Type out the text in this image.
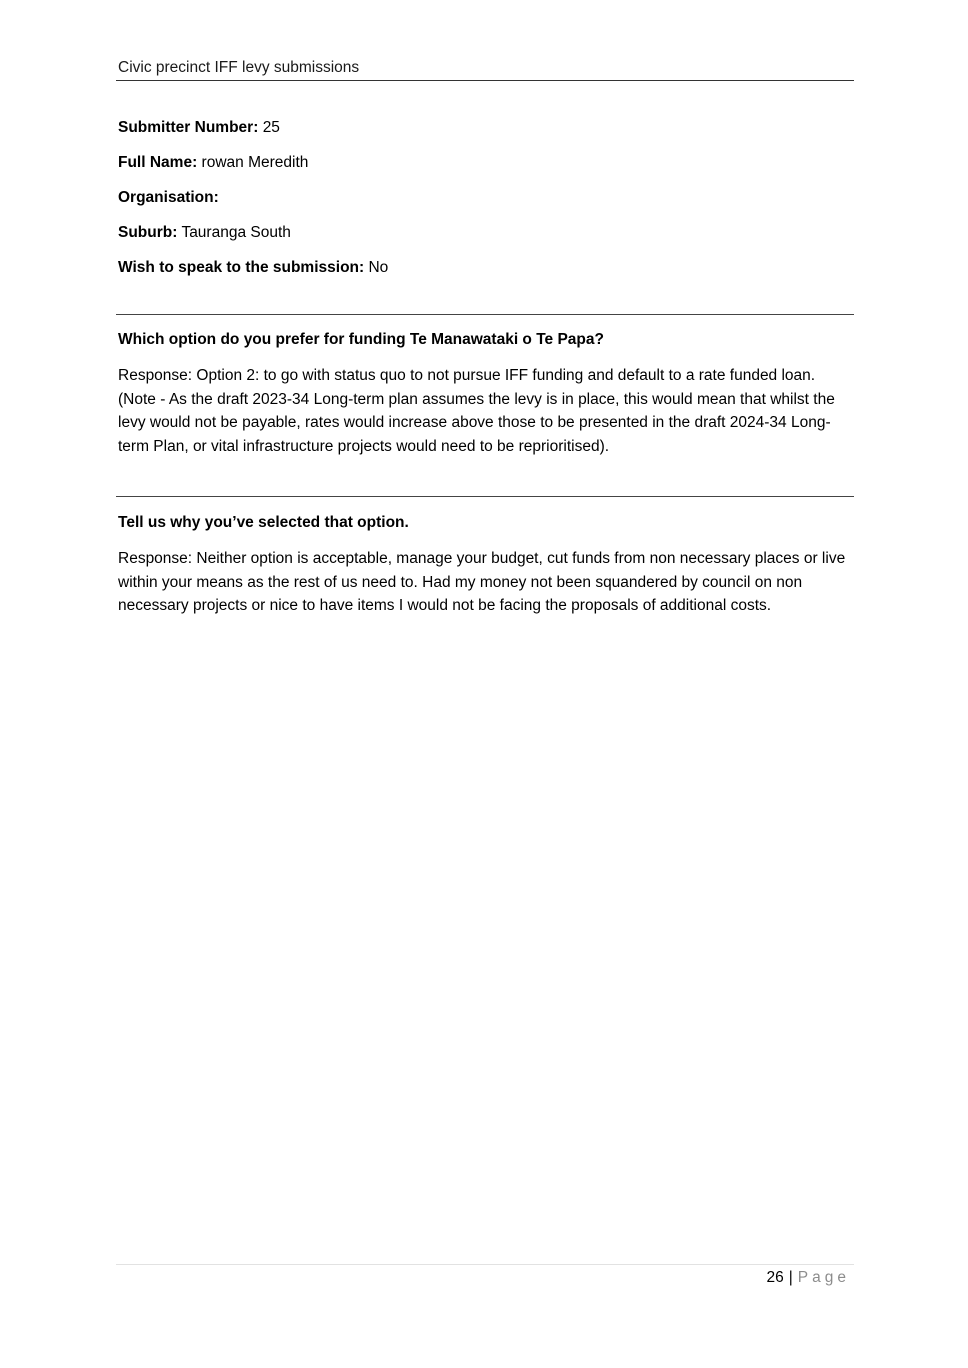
Civic precinct IFF levy submissions
Submitter Number: 25
Full Name: rowan Meredith
Organisation:
Suburb: Tauranga South
Wish to speak to the submission: No
Which option do you prefer for funding Te Manawataki o Te Papa?
Response: Option 2: to go with status quo to not pursue IFF funding and default to a rate funded loan. (Note - As the draft 2023-34 Long-term plan assumes the levy is in place, this would mean that whilst the levy would not be payable, rates would increase above those to be presented in the draft 2024-34 Long-term Plan, or vital infrastructure projects would need to be reprioritised).
Tell us why you’ve selected that option.
Response: Neither option is acceptable, manage your budget, cut funds from non necessary places or live within your means as the rest of us need to. Had my money not been squandered by council on non necessary projects or nice to have items I would not be facing the proposals of additional costs.
26 | Page
